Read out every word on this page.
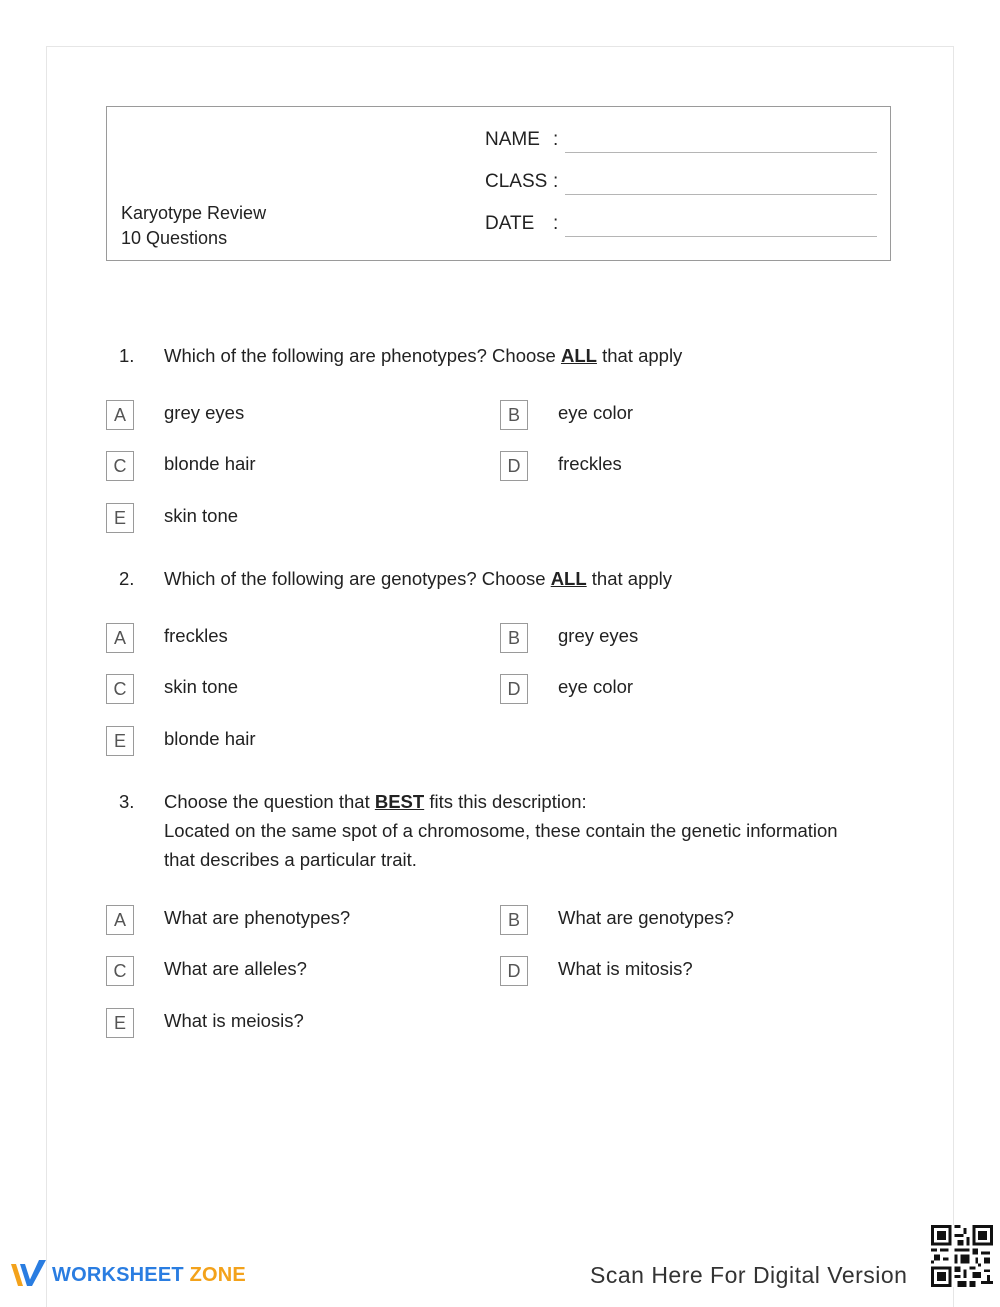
Karyotype Review
10 Questions
NAME :
CLASS :
DATE :
1. Which of the following are phenotypes? Choose ALL that apply
A	grey eyes	B	eye color
C	blonde hair	D	freckles
E	skin tone
2. Which of the following are genotypes? Choose ALL that apply
A	freckles	B	grey eyes
C	skin tone	D	eye color
E	blonde hair
3. Choose the question that BEST fits this description:
Located on the same spot of a chromosome, these contain the genetic information
that describes a particular trait.
A	What are phenotypes?	B	What are genotypes?
C	What are alleles?	D	What is mitosis?
E	What is meiosis?
WORKSHEET ZONE	Scan Here For Digital Version
